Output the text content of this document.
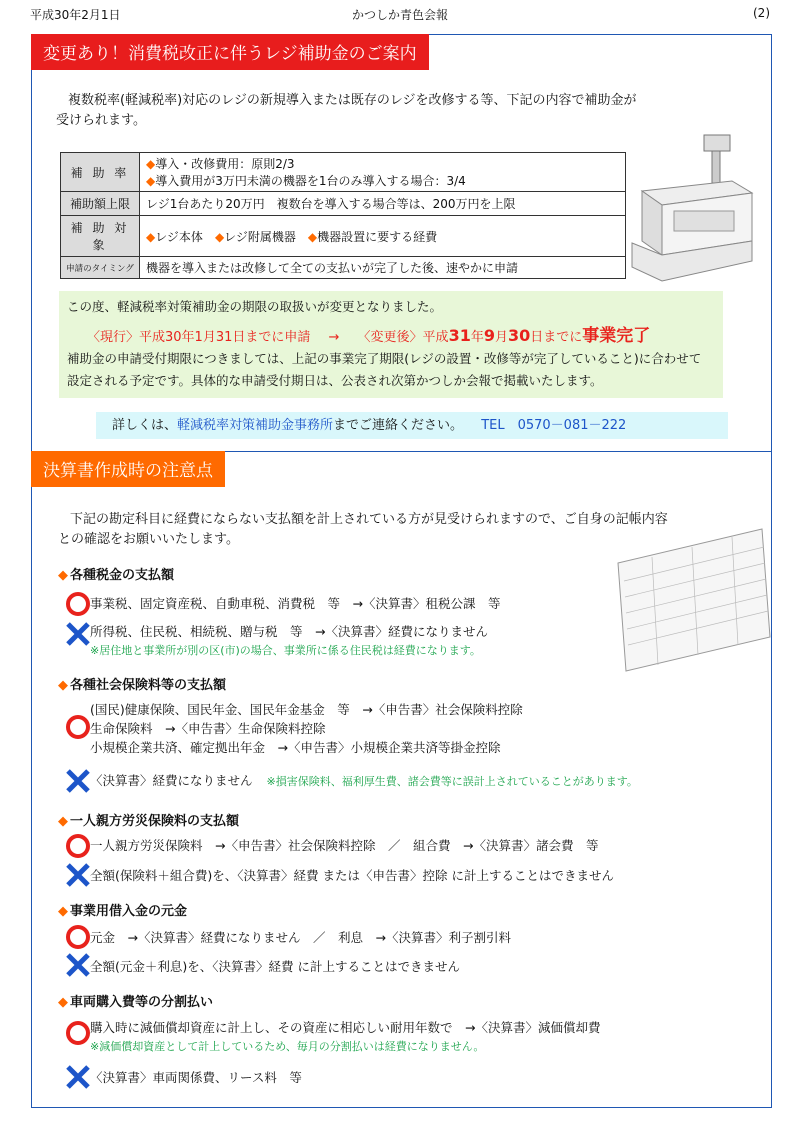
平成30年2月1日	かつしか青色会報	(2)
変更あり！消費税改正に伴うレジ補助金のご案内
複数税率(軽減税率)対応のレジの新規導入または既存のレジを改修する等、下記の内容で補助金が
受けられます。
補 助 率	◆導入・改修費用：原則2/3
◆導入費用が3万円未満の機器を1台のみ導入する場合：3/4

補助額上限	レジ1台あたり20万円　複数台を導入する場合等は、200万円を上限
補 助 対 象	◆レジ本体　◆レジ附属機器　◆機器設置に要する経費
申請のタイミング	機器を導入または改修して全ての支払いが完了した後、速やかに申請
この度、軽減税率対策補助金の期限の取扱いが変更となりました。
〈現行〉平成30年1月31日までに申請 → 〈変更後〉平成31年9月30日までに事業完了
補助金の申請受付期限につきましては、上記の事業完了期限(レジの設置・改修等が完了していること)に合わせて
設定される予定です。具体的な申請受付期日は、公表され次第かつしか会報で掲載いたします。
詳しくは、軽減税率対策補助金事務所までご連絡ください。 TEL　0570－081－222
決算書作成時の注意点
下記の勘定科目に経費にならない支払額を計上されている方が見受けられますので、ご自身の記帳内容
との確認をお願いいたします。
◆ 各種税金の支払額
事業税、固定資産税、自動車税、消費税　等　→〈決算書〉租税公課　等
所得税、住民税、相続税、贈与税　等　→〈決算書〉経費になりません
※居住地と事業所が別の区(市)の場合、事業所に係る住民税は経費になります。
◆ 各種社会保険料等の支払額
(国民)健康保険、国民年金、国民年金基金　等　→〈申告書〉社会保険料控除
生命保険料　→〈申告書〉生命保険料控除
小規模企業共済、確定拠出年金　→〈申告書〉小規模企業共済等掛金控除
〈決算書〉経費になりません ※損害保険料、福利厚生費、諸会費等に誤計上されていることがあります。
◆ 一人親方労災保険料の支払額
一人親方労災保険料　→〈申告書〉社会保険料控除　／　組合費　→〈決算書〉諸会費　等
全額(保険料＋組合費)を、〈決算書〉経費 または〈申告書〉控除 に計上することはできません
◆ 事業用借入金の元金
元金　→〈決算書〉経費になりません　／　利息　→〈決算書〉利子割引料
全額(元金＋利息)を、〈決算書〉経費 に計上することはできません
◆ 車両購入費等の分割払い
購入時に減価償却資産に計上し、その資産に相応しい耐用年数で　→〈決算書〉減価償却費
※減価償却資産として計上しているため、毎月の分割払いは経費になりません。
〈決算書〉車両関係費、リース料　等
